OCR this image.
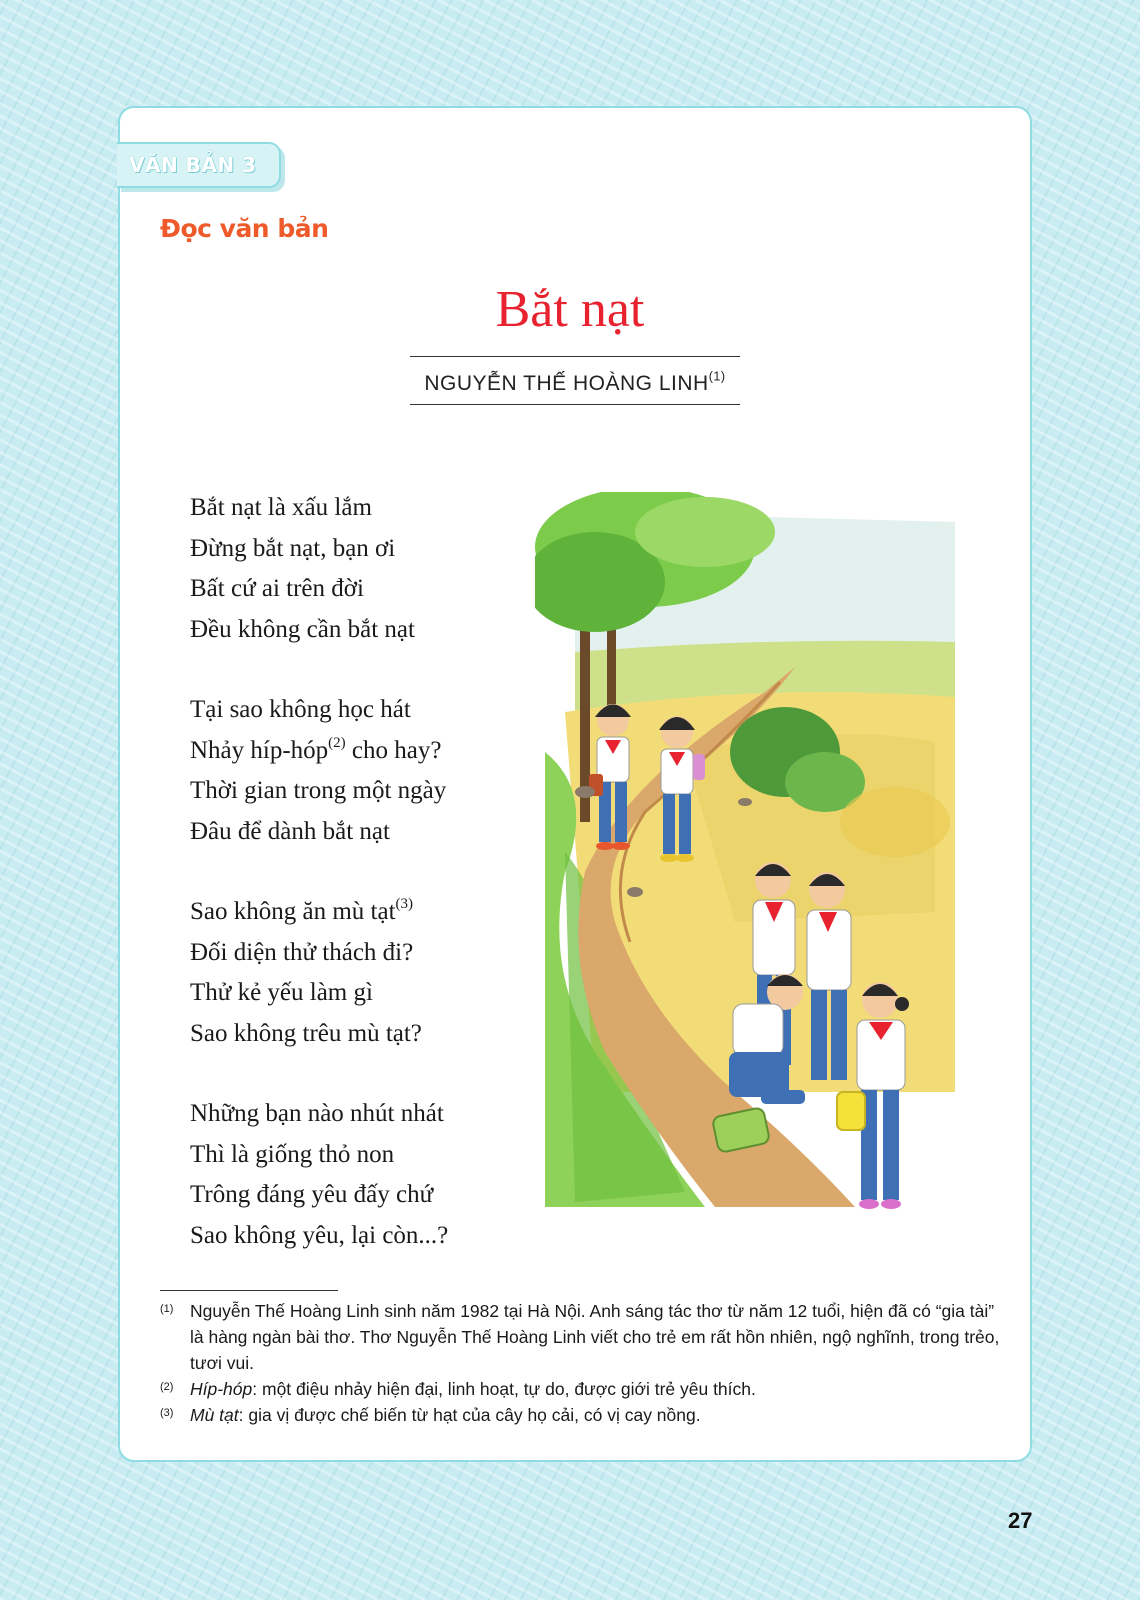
VĂN BẢN 3
Đọc văn bản
Bắt nạt
NGUYỄN THẾ HOÀNG LINH$^{(1)}$
Bắt nạt là xấu lắm
Đừng bắt nạt, bạn ơi
Bất cứ ai trên đời
Đều không cần bắt nạt
Tại sao không học hát
Nhảy híp-hóp$^{(2)}$ cho hay?
Thời gian trong một ngày
Đâu để dành bắt nạt
Sao không ăn mù tạt$^{(3)}$
Đối diện thử thách đi?
Thử kẻ yếu làm gì
Sao không trêu mù tạt?
Những bạn nào nhút nhát
Thì là giống thỏ non
Trông đáng yêu đấy chứ
Sao không yêu, lại còn...?
(1) Nguyễn Thế Hoàng Linh sinh năm 1982 tại Hà Nội. Anh sáng tác thơ từ năm 12 tuổi, hiện đã có “gia tài” là hàng ngàn bài thơ. Thơ Nguyễn Thế Hoàng Linh viết cho trẻ em rất hồn nhiên, ngộ nghĩnh, trong trẻo, tươi vui.
(2) Híp-hóp: một điệu nhảy hiện đại, linh hoạt, tự do, được giới trẻ yêu thích.
(3) Mù tạt: gia vị được chế biến từ hạt của cây họ cải, có vị cay nồng.
27
